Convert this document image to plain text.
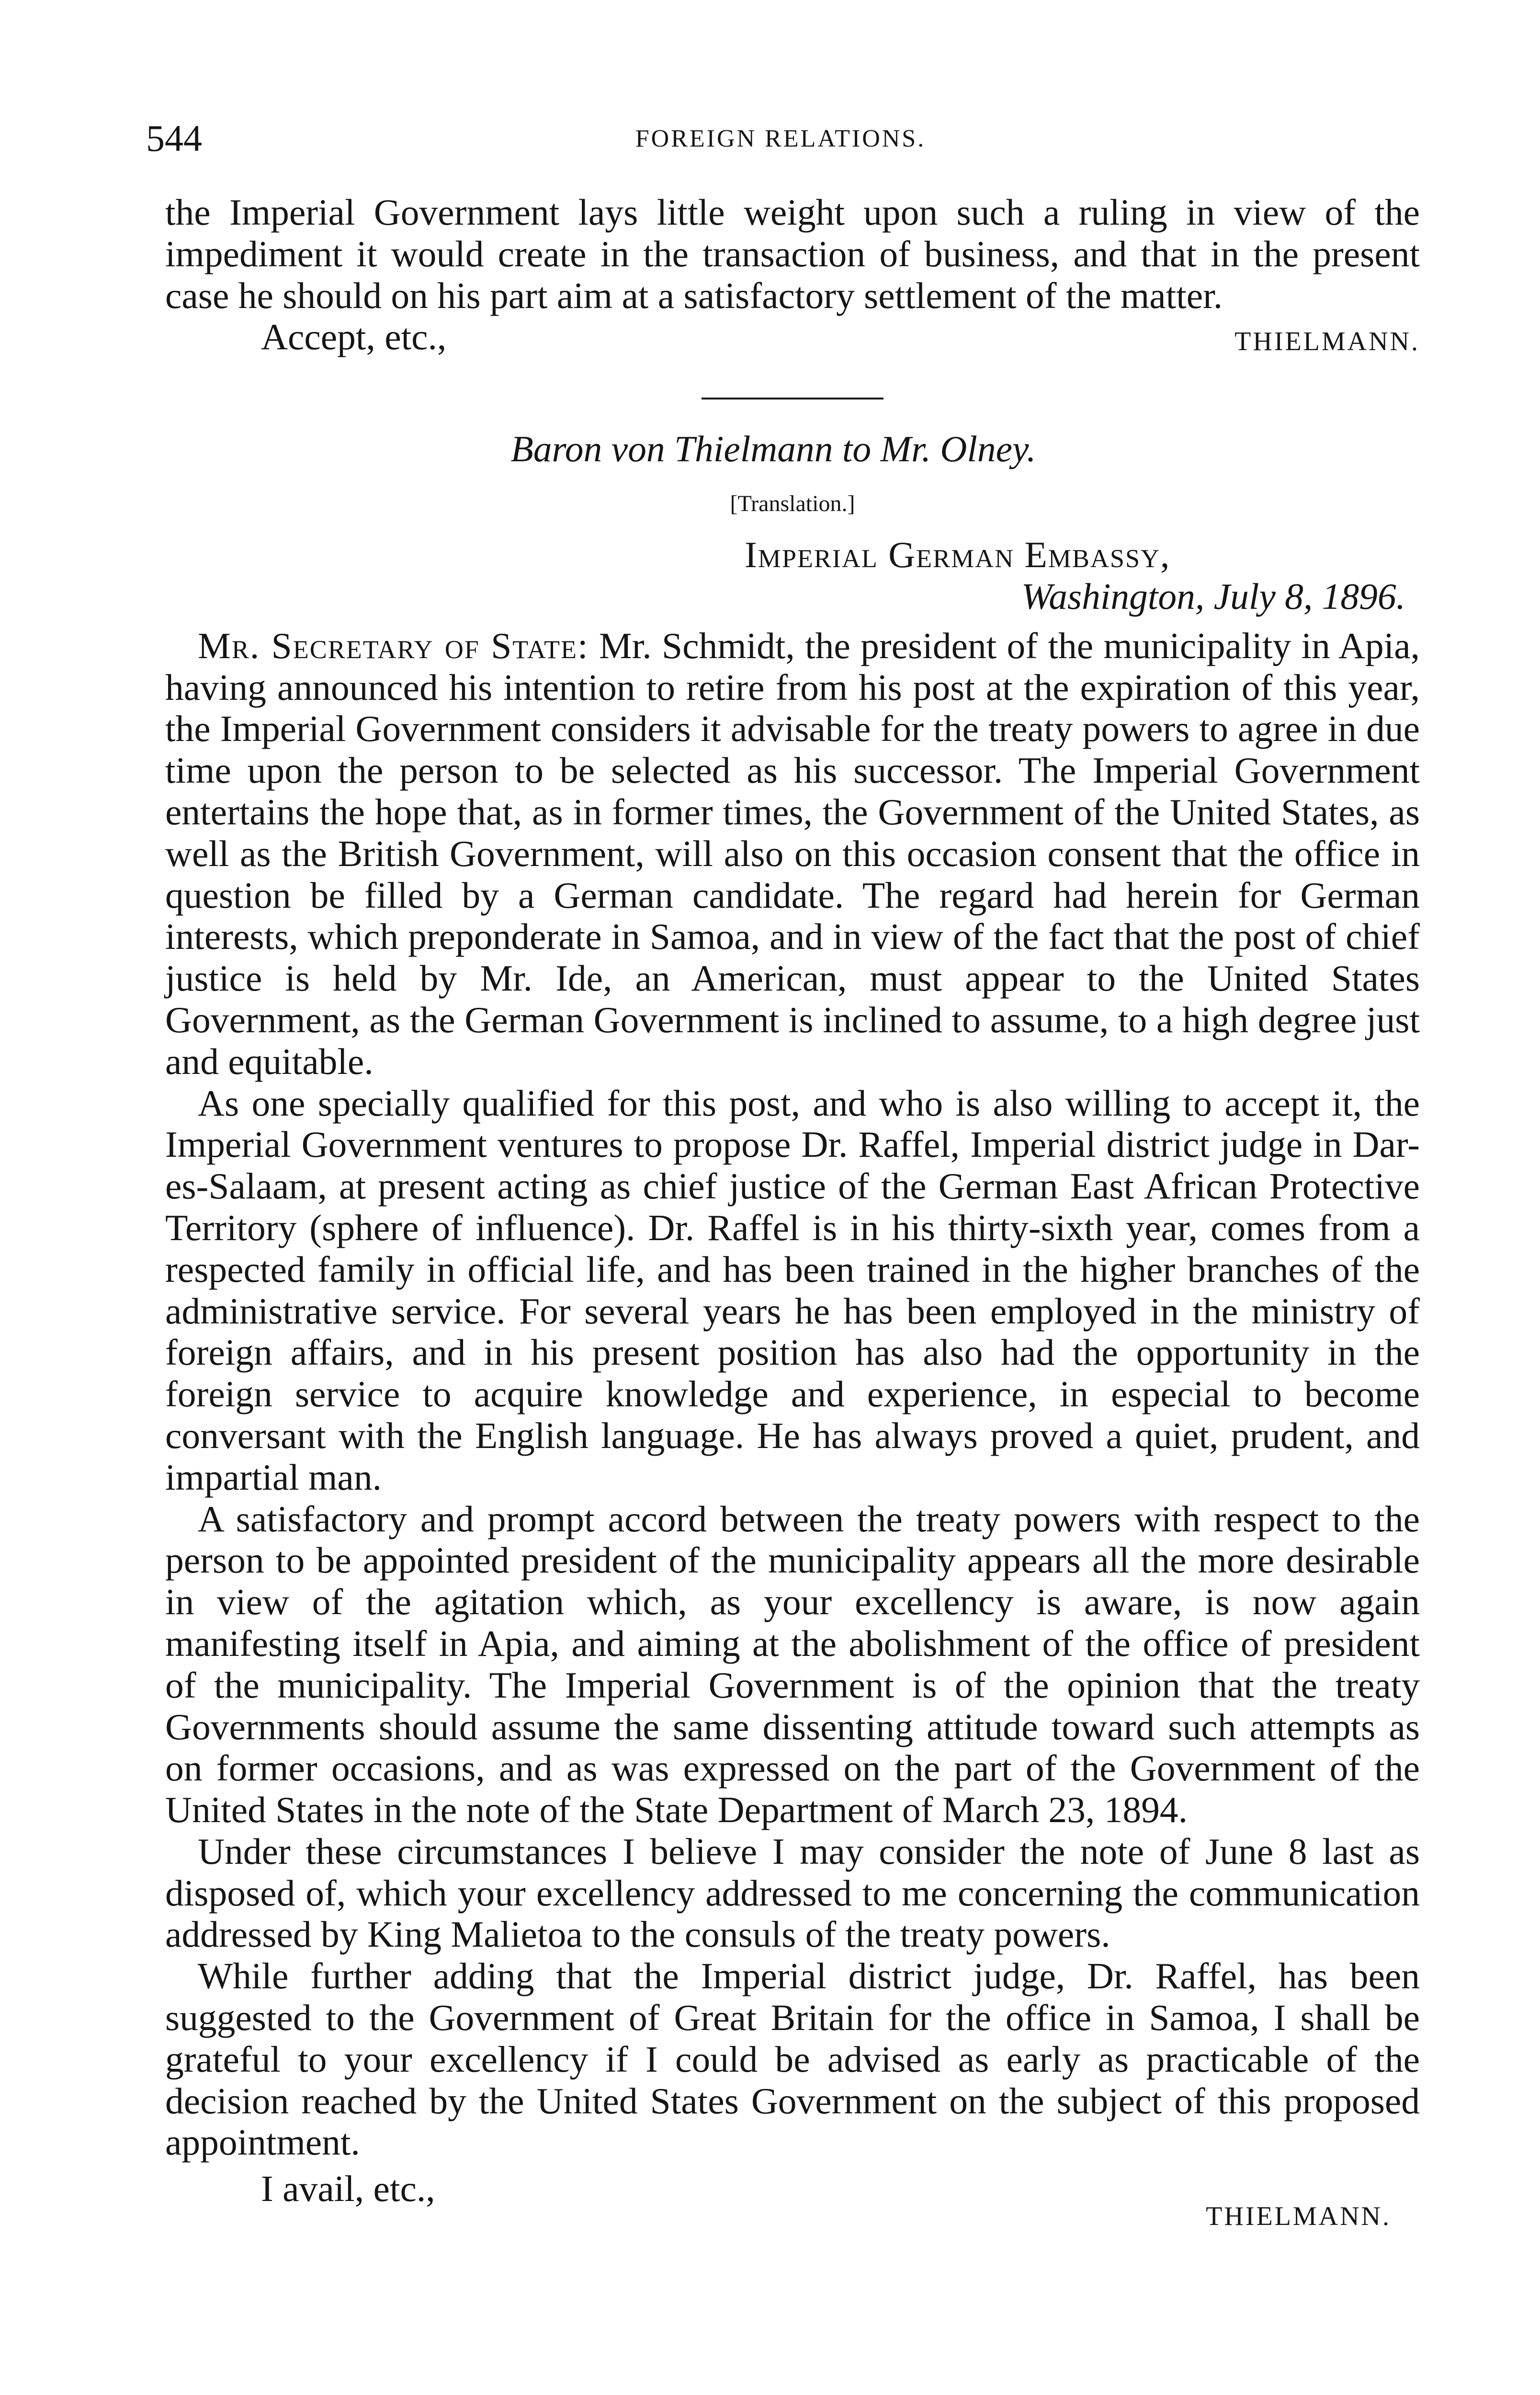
544	FOREIGN RELATIONS.

the Imperial Government lays little weight upon such a ruling in view of the impediment it would create in the transaction of business, and that in the present case he should on his part aim at a satisfactory settlement of the matter.

Accept, etc.,	THIELMANN.
Baron von Thielmann to Mr. Olney.
[Translation.]
Imperial German Embassy,
Washington, July 8, 1896.

Mr. Secretary of State: Mr. Schmidt, the president of the municipality in Apia, having announced his intention to retire from his post at the expiration of this year, the Imperial Government considers it advisable for the treaty powers to agree in due time upon the person to be selected as his successor. The Imperial Government entertains the hope that, as in former times, the Government of the United States, as well as the British Government, will also on this occasion consent that the office in question be filled by a German candidate. The regard had herein for German interests, which preponderate in Samoa, and in view of the fact that the post of chief justice is held by Mr. Ide, an American, must appear to the United States Government, as the German Government is inclined to assume, to a high degree just and equitable.

As one specially qualified for this post, and who is also willing to accept it, the Imperial Government ventures to propose Dr. Raffel, Imperial district judge in Dar-es-Salaam, at present acting as chief justice of the German East African Protective Territory (sphere of influence). Dr. Raffel is in his thirty-sixth year, comes from a respected family in official life, and has been trained in the higher branches of the administrative service. For several years he has been employed in the ministry of foreign affairs, and in his present position has also had the opportunity in the foreign service to acquire knowledge and experience, in especial to become conversant with the English language. He has always proved a quiet, prudent, and impartial man.

A satisfactory and prompt accord between the treaty powers with respect to the person to be appointed president of the municipality appears all the more desirable in view of the agitation which, as your excellency is aware, is now again manifesting itself in Apia, and aiming at the abolishment of the office of president of the municipality. The Imperial Government is of the opinion that the treaty Governments should assume the same dissenting attitude toward such attempts as on former occasions, and as was expressed on the part of the Government of the United States in the note of the State Department of March 23, 1894.

Under these circumstances I believe I may consider the note of June 8 last as disposed of, which your excellency addressed to me concerning the communication addressed by King Malietoa to the consuls of the treaty powers.

While further adding that the Imperial district judge, Dr. Raffel, has been suggested to the Government of Great Britain for the office in Samoa, I shall be grateful to your excellency if I could be advised as early as practicable of the decision reached by the United States Government on the subject of this proposed appointment.

I avail, etc.,
THIELMANN.
